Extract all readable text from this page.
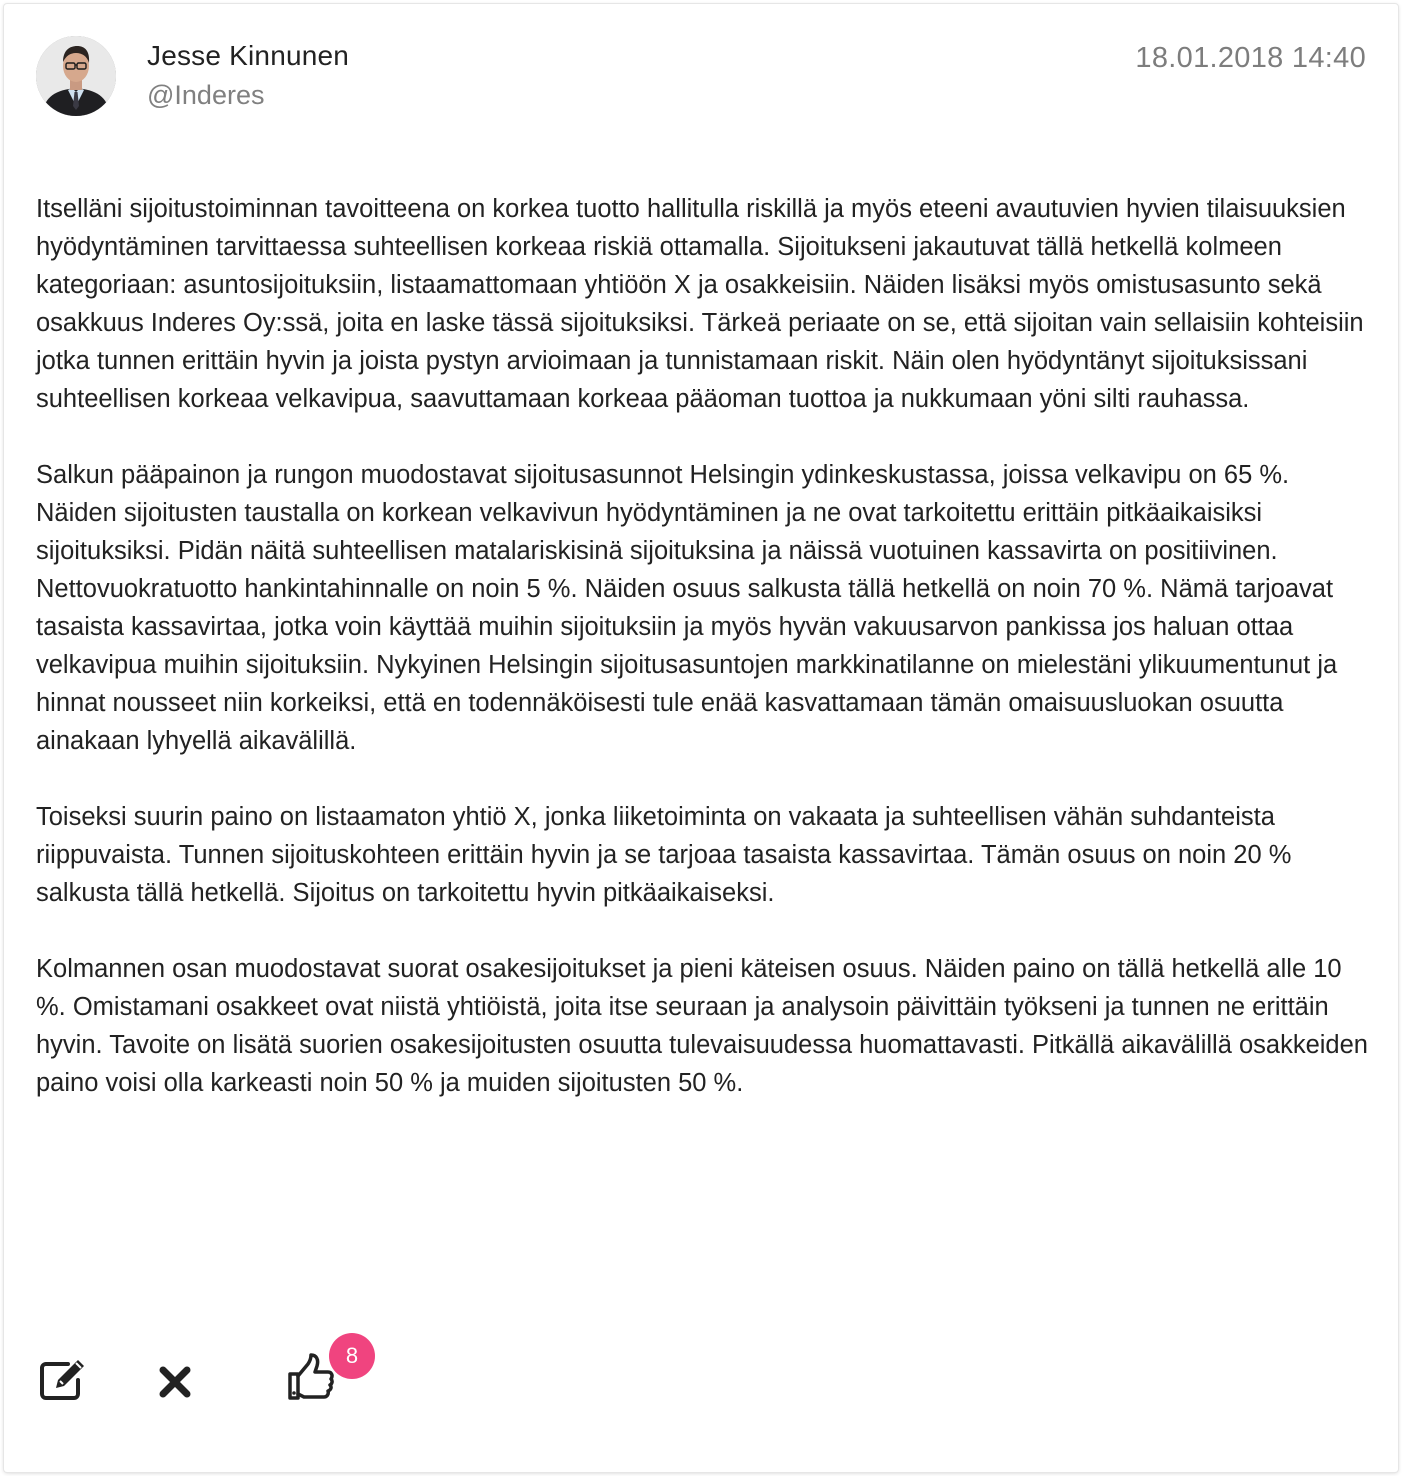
Jesse Kinnunen
@Inderes
18.01.2018 14:40

Itselläni sijoitustoiminnan tavoitteena on korkea tuotto hallitulla riskillä ja myös eteeni avautuvien hyvien tilaisuuksien hyödyntäminen tarvittaessa suhteellisen korkeaa riskiä ottamalla. Sijoitukseni jakautuvat tällä hetkellä kolmeen kategoriaan: asuntosijoituksiin, listaamattomaan yhtiöön X ja osakkeisiin. Näiden lisäksi myös omistusasunto sekä osakkuus Inderes Oy:ssä, joita en laske tässä sijoituksiksi. Tärkeä periaate on se, että sijoitan vain sellaisiin kohteisiin jotka tunnen erittäin hyvin ja joista pystyn arvioimaan ja tunnistamaan riskit. Näin olen hyödyntänyt sijoituksissani suhteellisen korkeaa velkavipua, saavuttamaan korkeaa pääoman tuottoa ja nukkumaan yöni silti rauhassa.

Salkun pääpainon ja rungon muodostavat sijoitusasunnot Helsingin ydinkeskustassa, joissa velkavipu on 65 %. Näiden sijoitusten taustalla on korkean velkavivun hyödyntäminen ja ne ovat tarkoitettu erittäin pitkäaikaisiksi sijoituksiksi. Pidän näitä suhteellisen matalariskisinä sijoituksina ja näissä vuotuinen kassavirta on positiivinen. Nettovuokratuotto hankintahinnalle on noin 5 %. Näiden osuus salkusta tällä hetkellä on noin 70 %. Nämä tarjoavat tasaista kassavirtaa, jotka voin käyttää muihin sijoituksiin ja myös hyvän vakuusarvon pankissa jos haluan ottaa velkavipua muihin sijoituksiin. Nykyinen Helsingin sijoitusasuntojen markkinatilanne on mielestäni ylikuumentunut ja hinnat nousseet niin korkeiksi, että en todennäköisesti tule enää kasvattamaan tämän omaisuusluokan osuutta ainakaan lyhyellä aikavälillä.

Toiseksi suurin paino on listaamaton yhtiö X, jonka liiketoiminta on vakaata ja suhteellisen vähän suhdanteista riippuvaista. Tunnen sijoituskohteen erittäin hyvin ja se tarjoaa tasaista kassavirtaa. Tämän osuus on noin 20 % salkusta tällä hetkellä. Sijoitus on tarkoitettu hyvin pitkäaikaiseksi.

Kolmannen osan muodostavat suorat osakesijoitukset ja pieni käteisen osuus. Näiden paino on tällä hetkellä alle 10 %. Omistamani osakkeet ovat niistä yhtiöistä, joita itse seuraan ja analysoin päivittäin työkseni ja tunnen ne erittäin hyvin. Tavoite on lisätä suorien osakesijoitusten osuutta tulevaisuudessa huomattavasti. Pitkällä aikavälillä osakkeiden paino voisi olla karkeasti noin 50 % ja muiden sijoitusten 50 %.

8
